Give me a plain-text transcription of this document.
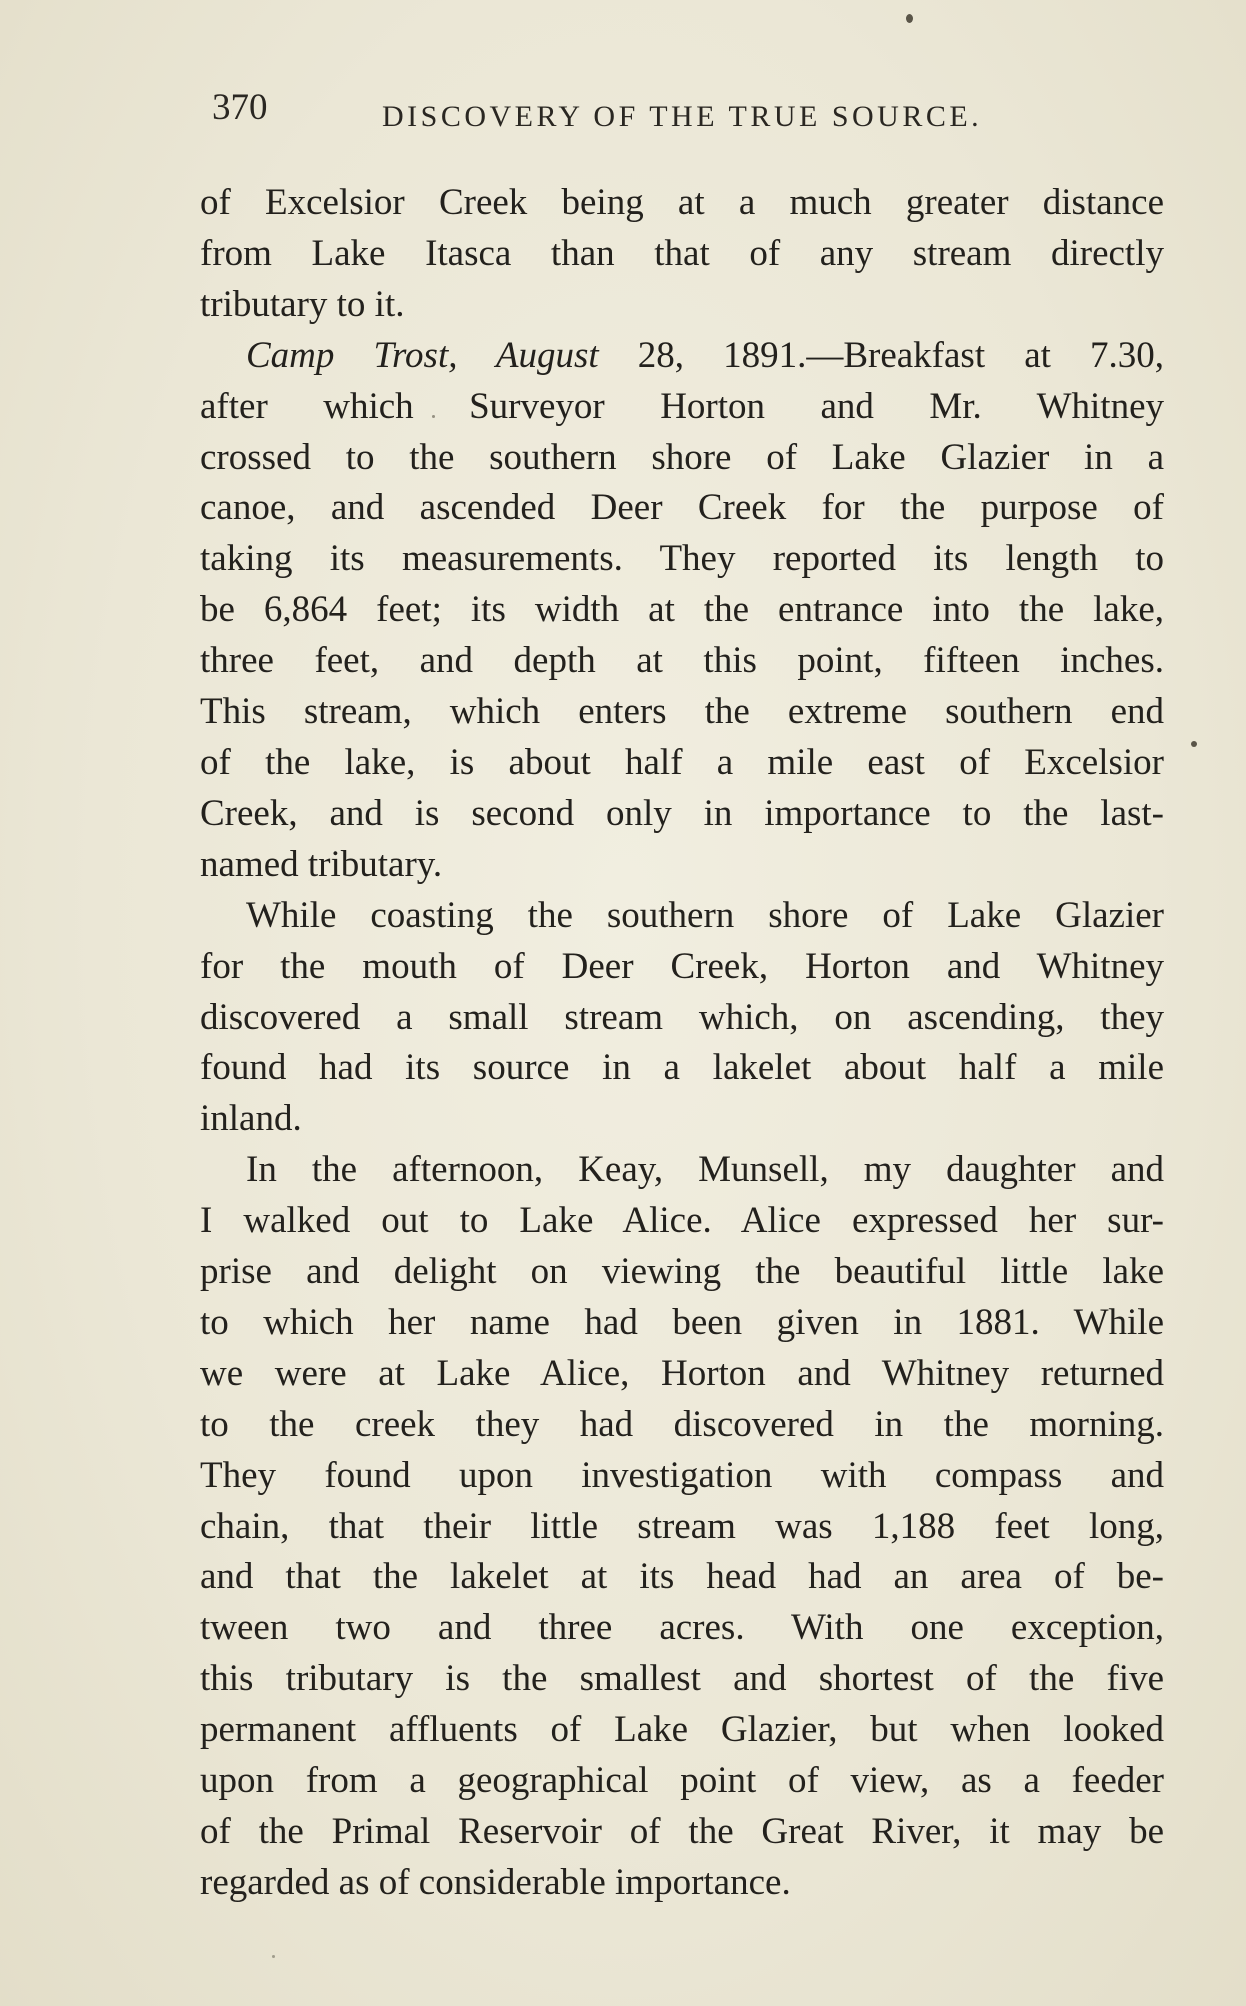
370	DISCOVERY OF THE TRUE SOURCE.

of Excelsior Creek being at a much greater distance
from Lake Itasca than that of any stream directly
tributary to it.

Camp Trost, August 28, 1891.—Breakfast at 7.30,
after which Surveyor Horton and Mr. Whitney
crossed to the southern shore of Lake Glazier in a
canoe, and ascended Deer Creek for the purpose of
taking its measurements. They reported its length to
be 6,864 feet; its width at the entrance into the lake,
three feet, and depth at this point, fifteen inches.
This stream, which enters the extreme southern end
of the lake, is about half a mile east of Excelsior
Creek, and is second only in importance to the last-
named tributary.

While coasting the southern shore of Lake Glazier
for the mouth of Deer Creek, Horton and Whitney
discovered a small stream which, on ascending, they
found had its source in a lakelet about half a mile
inland.

In the afternoon, Keay, Munsell, my daughter and
I walked out to Lake Alice. Alice expressed her sur-
prise and delight on viewing the beautiful little lake
to which her name had been given in 1881. While
we were at Lake Alice, Horton and Whitney returned
to the creek they had discovered in the morning.
They found upon investigation with compass and
chain, that their little stream was 1,188 feet long,
and that the lakelet at its head had an area of be-
tween two and three acres. With one exception,
this tributary is the smallest and shortest of the five
permanent affluents of Lake Glazier, but when looked
upon from a geographical point of view, as a feeder
of the Primal Reservoir of the Great River, it may be
regarded as of considerable importance.
